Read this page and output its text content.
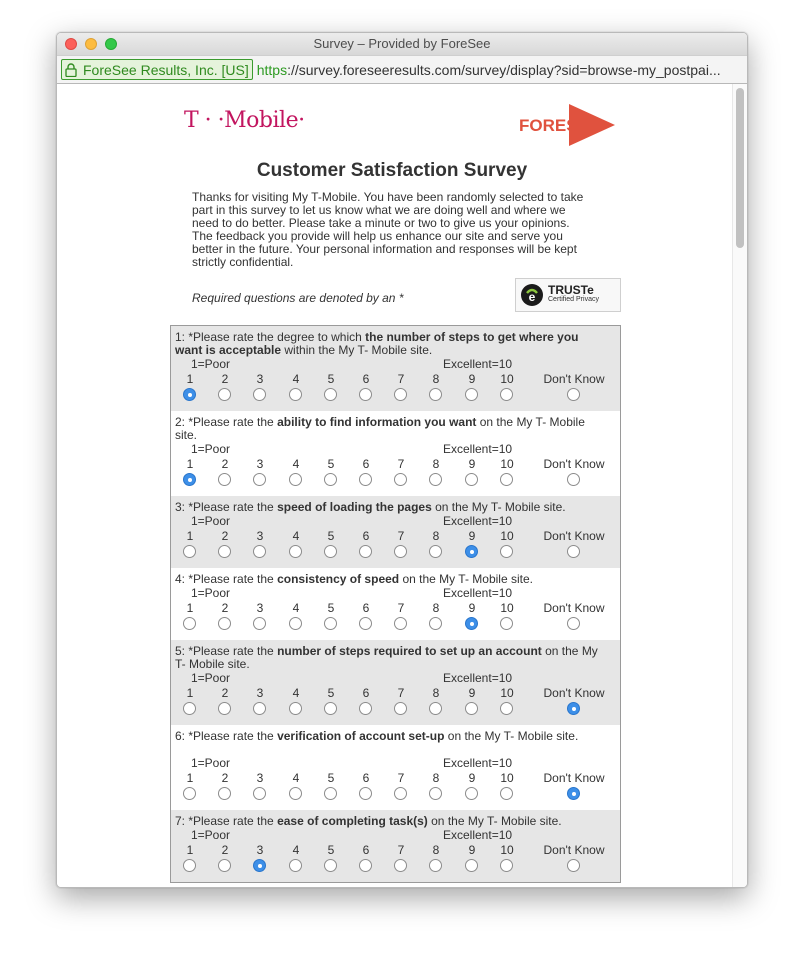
Survey – Provided by ForeSee
ForeSee Results, Inc. [US] https://survey.foreseeresults.com/survey/display?sid=browse-my_postpai...
T · ·Mobile·	FORESEE
Customer Satisfaction Survey
Thanks for visiting My T-Mobile. You have been randomly selected to take part in this survey to let us know what we are doing well and where we need to do better. Please take a minute or two to give us your opinions. The feedback you provide will help us enhance our site and serve you better in the future. Your personal information and responses will be kept strictly confidential.
Required questions are denoted by an *	e TRUSTe
Certified Privacy
1: *Please rate the degree to which the number of steps to get where you want is acceptable within the My T- Mobile site.
1=Poor	Excellent=10
1	2	3	4	5	6	7	8	9	10	Don't Know
2: *Please rate the ability to find information you want on the My T- Mobile site.
1=Poor	Excellent=10
1	2	3	4	5	6	7	8	9	10	Don't Know
3: *Please rate the speed of loading the pages on the My T- Mobile site.
1=Poor	Excellent=10
1	2	3	4	5	6	7	8	9	10	Don't Know
4: *Please rate the consistency of speed on the My T- Mobile site.
1=Poor	Excellent=10
1	2	3	4	5	6	7	8	9	10	Don't Know
5: *Please rate the number of steps required to set up an account on the My T- Mobile site.
1=Poor	Excellent=10
1	2	3	4	5	6	7	8	9	10	Don't Know
6: *Please rate the verification of account set-up on the My T- Mobile site.
1=Poor	Excellent=10
1	2	3	4	5	6	7	8	9	10	Don't Know
7: *Please rate the ease of completing task(s) on the My T- Mobile site.
1=Poor	Excellent=10
1	2	3	4	5	6	7	8	9	10	Don't Know
